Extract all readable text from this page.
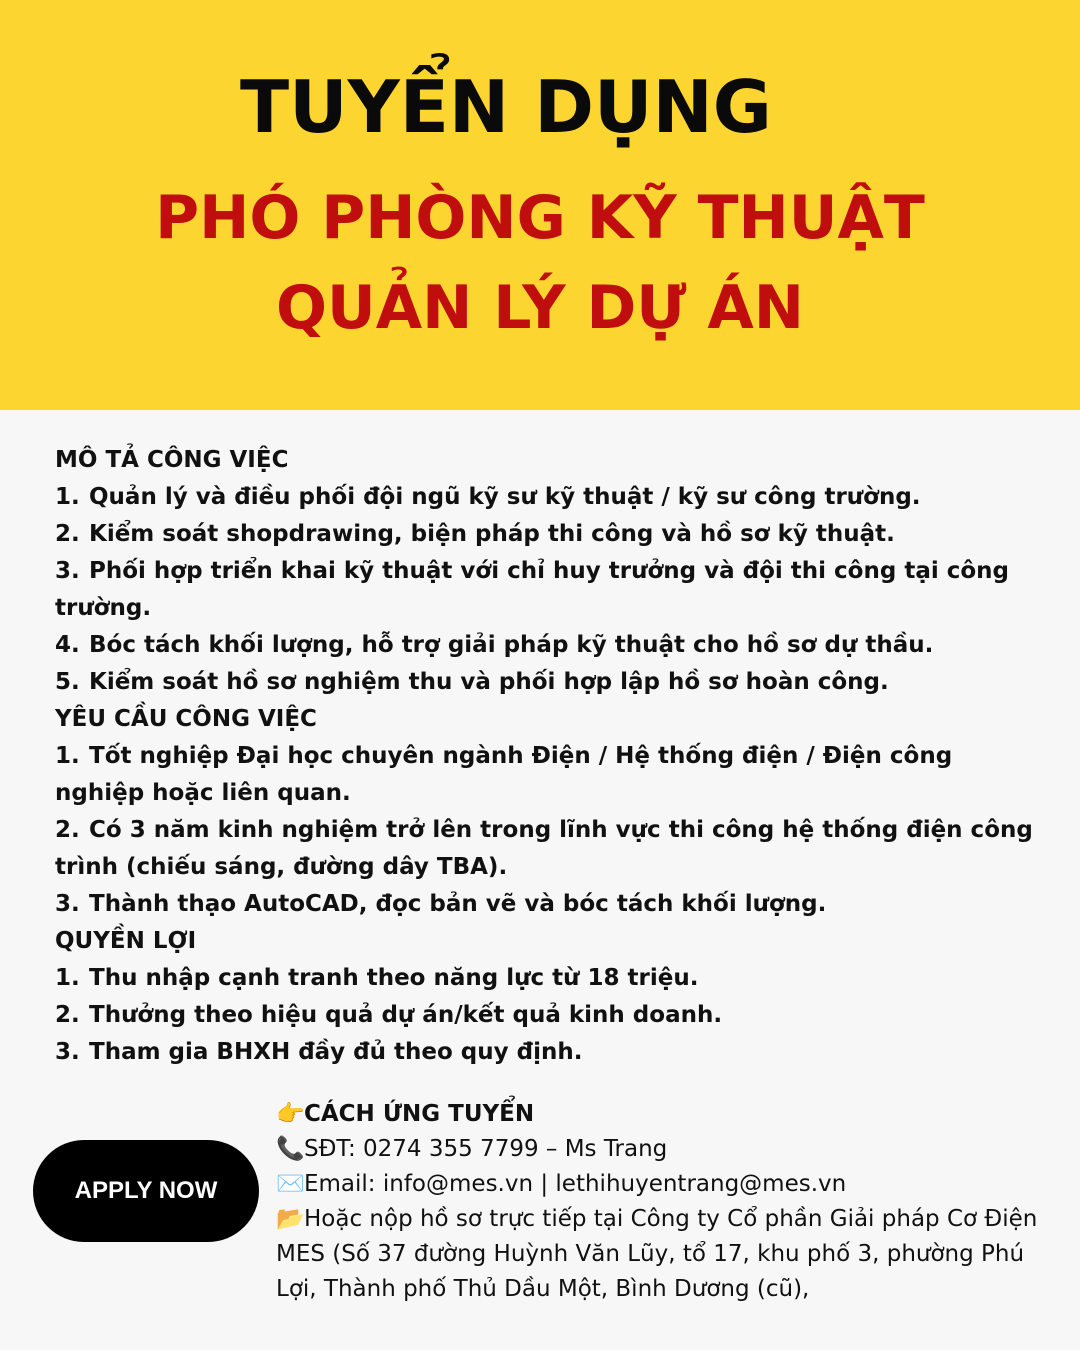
TUYỂN DỤNG
PHÓ PHÒNG KỸ THUẬT
QUẢN LÝ DỰ ÁN
MÔ TẢ CÔNG VIỆC
1. Quản lý và điều phối đội ngũ kỹ sư kỹ thuật / kỹ sư công trường.
2. Kiểm soát shopdrawing, biện pháp thi công và hồ sơ kỹ thuật.
3. Phối hợp triển khai kỹ thuật với chỉ huy trưởng và đội thi công tại công trường.
4. Bóc tách khối lượng, hỗ trợ giải pháp kỹ thuật cho hồ sơ dự thầu.
5. Kiểm soát hồ sơ nghiệm thu và phối hợp lập hồ sơ hoàn công.
YÊU CẦU CÔNG VIỆC
1. Tốt nghiệp Đại học chuyên ngành Điện / Hệ thống điện / Điện công nghiệp hoặc liên quan.
2. Có 3 năm kinh nghiệm trở lên trong lĩnh vực thi công hệ thống điện công trình (chiếu sáng, đường dây TBA).
3. Thành thạo AutoCAD, đọc bản vẽ và bóc tách khối lượng.
QUYỀN LỢI
1. Thu nhập cạnh tranh theo năng lực từ 18 triệu.
2. Thưởng theo hiệu quả dự án/kết quả kinh doanh.
3. Tham gia BHXH đầy đủ theo quy định.
APPLY NOW
👉CÁCH ỨNG TUYỂN
📞SĐT: 0274 355 7799 – Ms Trang
✉️Email: info@mes.vn | lethihuyentrang@mes.vn
📂Hoặc nộp hồ sơ trực tiếp tại Công ty Cổ phần Giải pháp Cơ Điện MES (Số 37 đường Huỳnh Văn Lũy, tổ 17, khu phố 3, phường Phú Lợi, Thành phố Thủ Dầu Một, Bình Dương (cũ),
